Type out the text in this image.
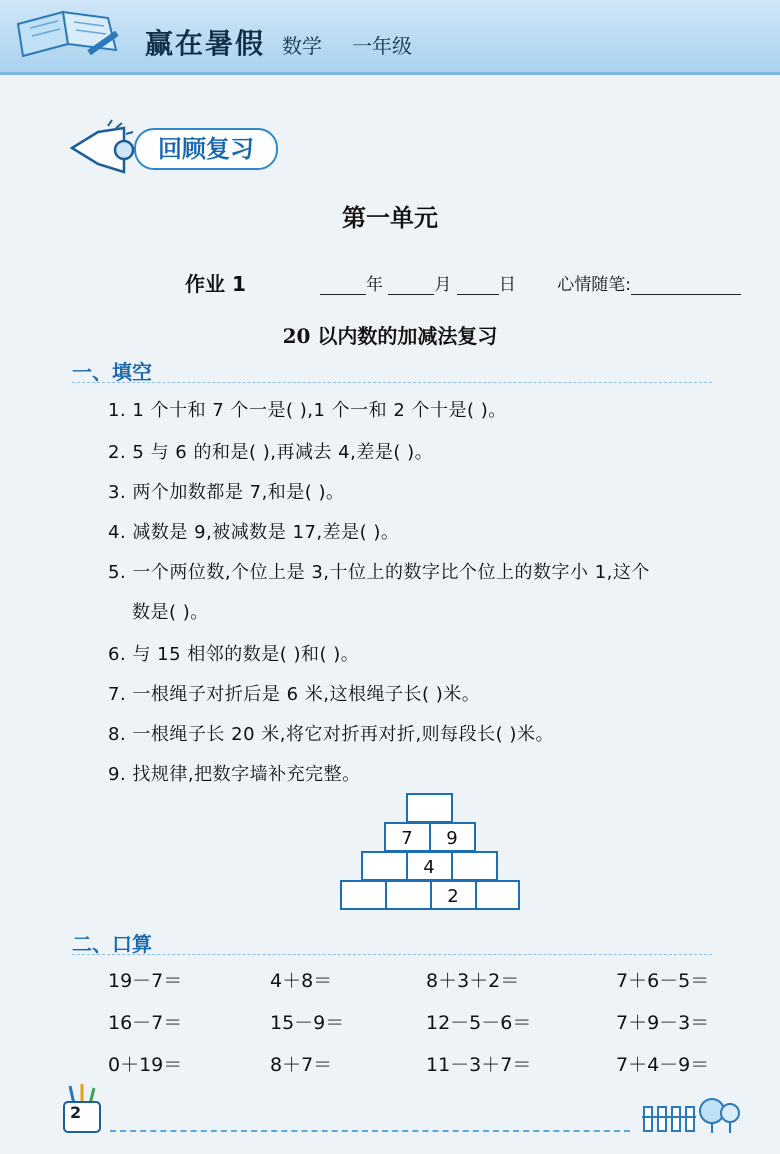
赢在暑假 数学 一年级
回顾复习
第一单元
作业 1	年	月	日 心情随笔:
20 以内数的加减法复习
一、填空
1. 1 个十和 7 个一是( ),1 个一和 2 个十是( )。
2. 5 与 6 的和是( ),再减去 4,差是( )。
3. 两个加数都是 7,和是( )。
4. 减数是 9,被减数是 17,差是( )。
5. 一个两位数,个位上是 3,十位上的数字比个位上的数字小 1,这个
数是( )。
6. 与 15 相邻的数是( )和( )。
7. 一根绳子对折后是 6 米,这根绳子长( )米。
8. 一根绳子长 20 米,将它对折再对折,则每段长( )米。
9. 找规律,把数字墙补充完整。
7 9
4
2
二、口算
19－7＝	4＋8＝	8＋3＋2＝	7＋6－5＝
16－7＝	15－9＝	12－5－6＝	7＋9－3＝
0＋19＝	8＋7＝	11－3＋7＝	7＋4－9＝
2
